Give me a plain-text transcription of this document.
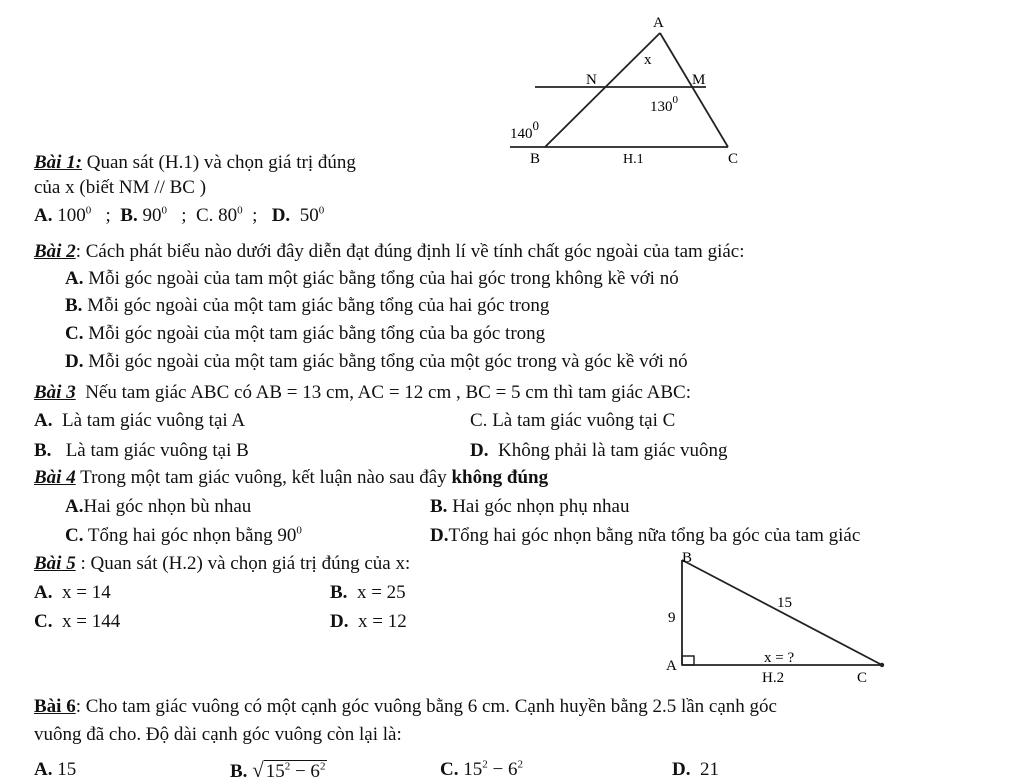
A
x
N	M
$130^0$
1400
B	H.1	C
Bài 1: Quan sát (H.1) và chọn giá trị đúng
của x (biết NM // BC )
A. $100^0$ ; B. $90^0$ ; C. $80^0$ ; D. $50^0$
Bài 2: Cách phát biểu nào dưới đây diễn đạt đúng định lí về tính chất góc ngoài của tam giác:
A. Mỗi góc ngoài của tam một giác bằng tổng của hai góc trong không kề với nó
B. Mỗi góc ngoài của một tam giác bằng tổng của hai góc trong
C. Mỗi góc ngoài của một tam giác bằng tổng của ba góc trong
D. Mỗi góc ngoài của một tam giác bằng tổng của một góc trong và góc kề với nó
Bài 3 Nếu tam giác ABC có AB = 13 cm, AC = 12 cm , BC = 5 cm thì tam giác ABC:
A. Là tam giác vuông tại A	C. Là tam giác vuông tại C
B. Là tam giác vuông tại B	D. Không phải là tam giác vuông
Bài 4 Trong một tam giác vuông, kết luận nào sau đây không đúng
A.Hai góc nhọn bù nhau	B. Hai góc nhọn phụ nhau
C. Tổng hai góc nhọn bằng $90^0$	D.Tổng hai góc nhọn bằng nữa tổng ba góc của tam giác
Bài 5 : Quan sát (H.2) và chọn giá trị đúng của x:
A. x = 14	B. x = 25
C. x = 144	D. x = 12
B
9
15
A	x = ?
H.2	C
Bài 6: Cho tam giác vuông có một cạnh góc vuông bằng 6 cm. Cạnh huyền bằng 2.5 lần cạnh góc
vuông đã cho. Độ dài cạnh góc vuông còn lại là:
A. 15	B. √ $15^2 - 6^2$	C. $15^2 - 6^2$	D. 21
